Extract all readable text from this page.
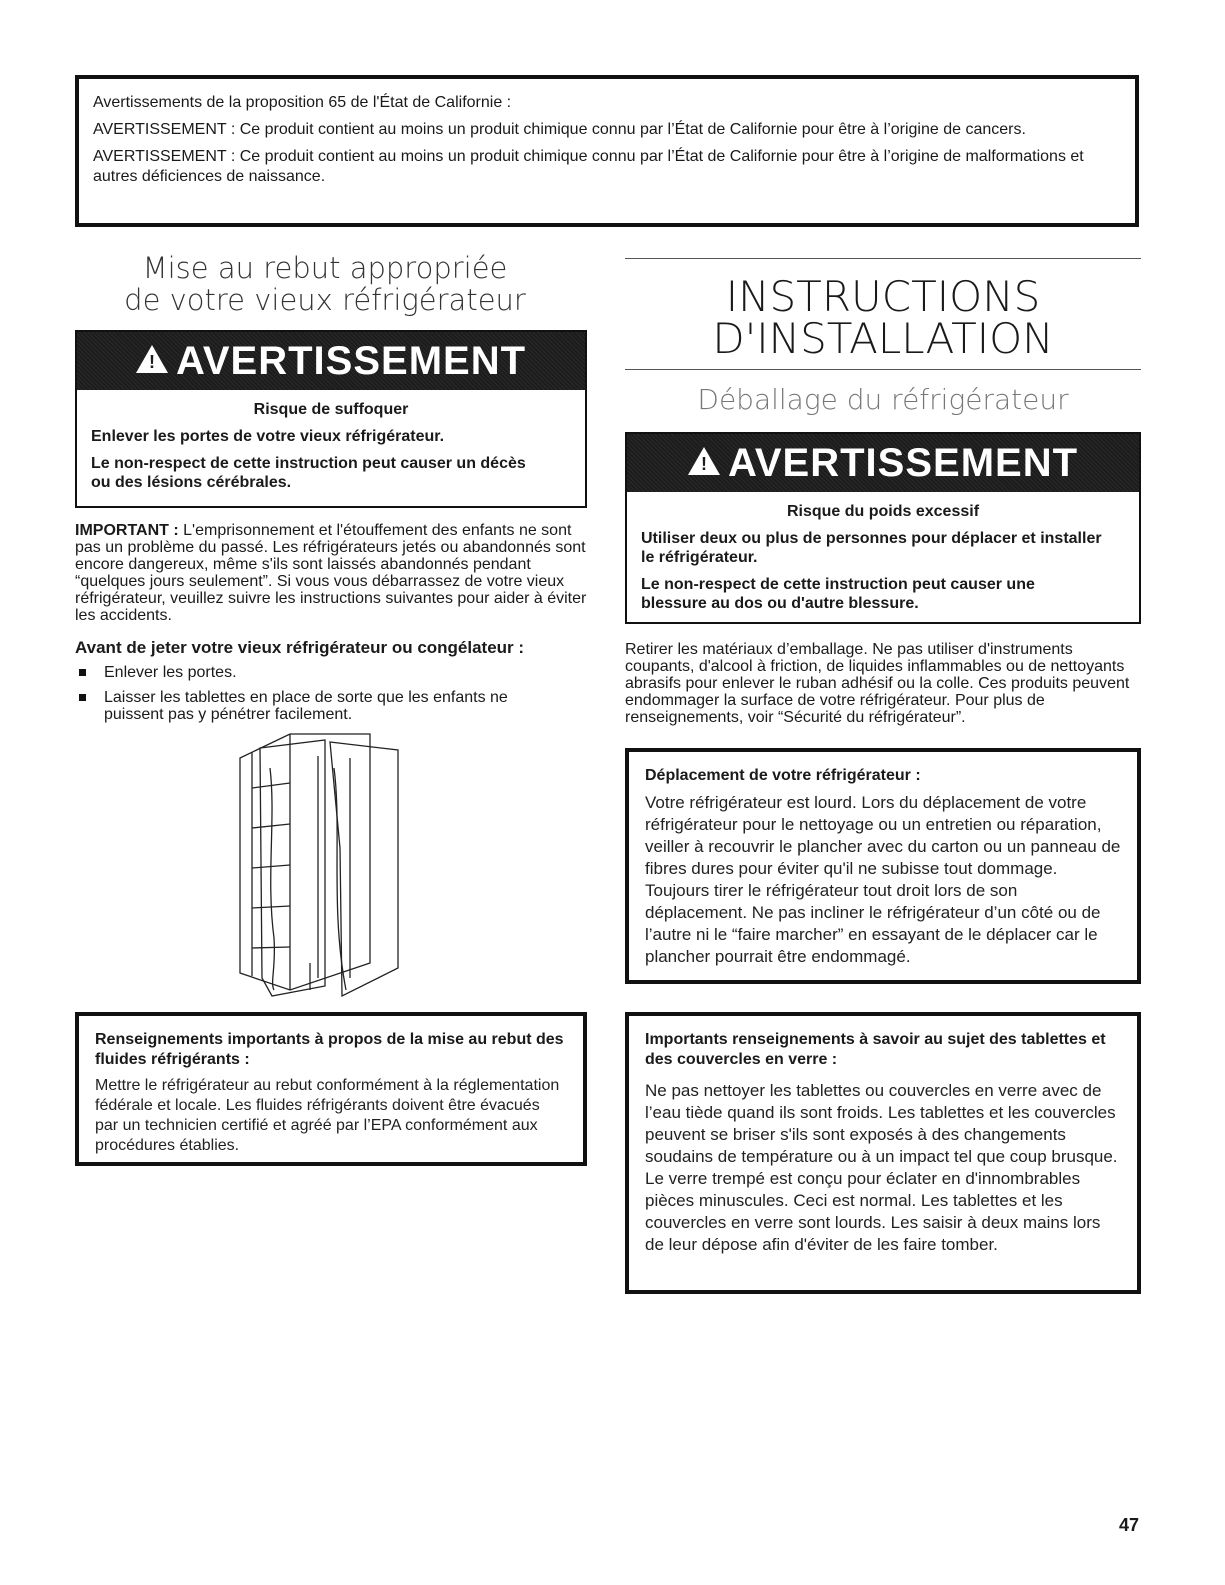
Avertissements de la proposition 65 de l'État de Californie :

AVERTISSEMENT : Ce produit contient au moins un produit chimique connu par l’État de Californie pour être à l’origine de cancers.

AVERTISSEMENT : Ce produit contient au moins un produit chimique connu par l’État de Californie pour être à l’origine de malformations et autres déficiences de naissance.

Mise au rebut appropriée
de votre vieux réfrigérateur
! AVERTISSEMENT
Risque de suffoquer

Enlever les portes de votre vieux réfrigérateur.

Le non-respect de cette instruction peut causer un décès ou des lésions cérébrales.

IMPORTANT : L'emprisonnement et l'étouffement des enfants ne sont pas un problème du passé. Les réfrigérateurs jetés ou abandonnés sont encore dangereux, même s'ils sont laissés abandonnés pendant “quelques jours seulement”. Si vous vous débarrassez de votre vieux réfrigérateur, veuillez suivre les instructions suivantes pour aider à éviter les accidents.

Avant de jeter votre vieux réfrigérateur ou congélateur :
Enlever les portes.
Laisser les tablettes en place de sorte que les enfants ne puissent pas y pénétrer facilement.
Renseignements importants à propos de la mise au rebut des fluides réfrigérants :
Mettre le réfrigérateur au rebut conformément à la réglementation fédérale et locale. Les fluides réfrigérants doivent être évacués par un technicien certifié et agréé par l’EPA conformément aux procédures établies.
INSTRUCTIONS
D'INSTALLATION
Déballage du réfrigérateur
! AVERTISSEMENT
Risque du poids excessif

Utiliser deux ou plus de personnes pour déplacer et installer le réfrigérateur.

Le non-respect de cette instruction peut causer une blessure au dos ou d'autre blessure.

Retirer les matériaux d’emballage. Ne pas utiliser d'instruments coupants, d'alcool à friction, de liquides inflammables ou de nettoyants abrasifs pour enlever le ruban adhésif ou la colle. Ces produits peuvent endommager la surface de votre réfrigérateur. Pour plus de renseignements, voir “Sécurité du réfrigérateur”.
Déplacement de votre réfrigérateur :
Votre réfrigérateur est lourd. Lors du déplacement de votre réfrigérateur pour le nettoyage ou un entretien ou réparation, veiller à recouvrir le plancher avec du carton ou un panneau de fibres dures pour éviter qu'il ne subisse tout dommage. Toujours tirer le réfrigérateur tout droit lors de son déplacement. Ne pas incliner le réfrigérateur d’un côté ou de l’autre ni le “faire marcher” en essayant de le déplacer car le plancher pourrait être endommagé.
Importants renseignements à savoir au sujet des tablettes et des couvercles en verre :
Ne pas nettoyer les tablettes ou couvercles en verre avec de l’eau tiède quand ils sont froids. Les tablettes et les couvercles peuvent se briser s'ils sont exposés à des changements soudains de température ou à un impact tel que coup brusque. Le verre trempé est conçu pour éclater en d'innombrables pièces minuscules. Ceci est normal. Les tablettes et les couvercles en verre sont lourds. Les saisir à deux mains lors de leur dépose afin d'éviter de les faire tomber.
47
